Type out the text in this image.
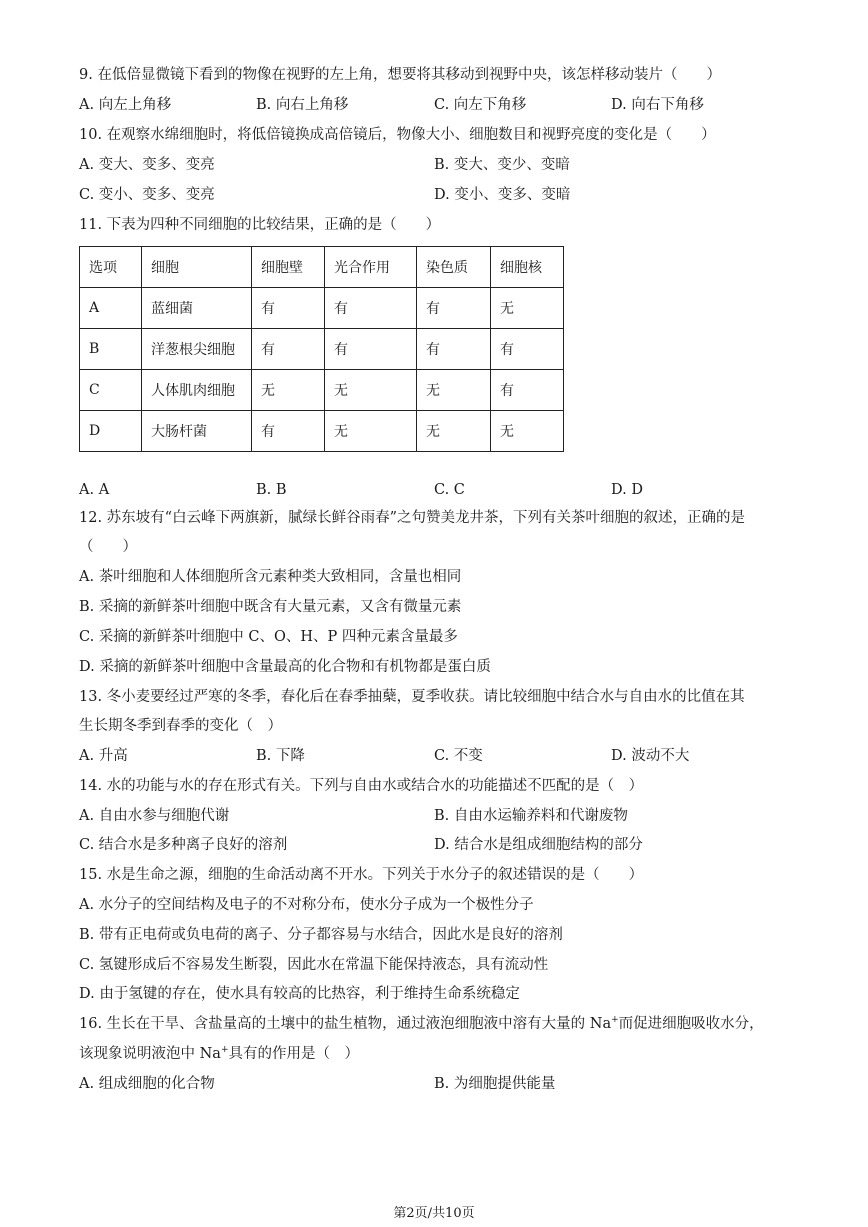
9. 在低倍显微镜下看到的物像在视野的左上角，想要将其移动到视野中央，该怎样移动装片（　　）
A. 向左上角移	B. 向右上角移	C. 向左下角移	D. 向右下角移
10. 在观察水绵细胞时，将低倍镜换成高倍镜后，物像大小、细胞数目和视野亮度的变化是（　　）
A. 变大、变多、变亮	B. 变大、变少、变暗
C. 变小、变多、变亮	D. 变小、变多、变暗
11. 下表为四种不同细胞的比较结果，正确的是（　　）
选项	细胞	细胞壁	光合作用	染色质	细胞核
A	蓝细菌	有	有	有	无
B	洋葱根尖细胞	有	有	有	有
C	人体肌肉细胞	无	无	无	有
D	大肠杆菌	有	无	无	无
A. A	B. B	C. C	D. D
12. 苏东坡有“白云峰下两旗新，腻绿长鲜谷雨春”之句赞美龙井茶，下列有关茶叶细胞的叙述，正确的是
（　　）
A. 茶叶细胞和人体细胞所含元素种类大致相同，含量也相同
B. 采摘的新鲜茶叶细胞中既含有大量元素，又含有微量元素
C. 采摘的新鲜茶叶细胞中 C、O、H、P 四种元素含量最多
D. 采摘的新鲜茶叶细胞中含量最高的化合物和有机物都是蛋白质
13. 冬小麦要经过严寒的冬季，春化后在春季抽蘖，夏季收获。请比较细胞中结合水与自由水的比值在其
生长期冬季到春季的变化（　）
A. 升高	B. 下降	C. 不变	D. 波动不大
14. 水的功能与水的存在形式有关。下列与自由水或结合水的功能描述不匹配的是（　）
A. 自由水参与细胞代谢	B. 自由水运输养料和代谢废物
C. 结合水是多种离子良好的溶剂	D. 结合水是组成细胞结构的部分
15. 水是生命之源，细胞的生命活动离不开水。下列关于水分子的叙述错误的是（　　）
A. 水分子的空间结构及电子的不对称分布，使水分子成为一个极性分子
B. 带有正电荷或负电荷的离子、分子都容易与水结合，因此水是良好的溶剂
C. 氢键形成后不容易发生断裂，因此水在常温下能保持液态，具有流动性
D. 由于氢键的存在，使水具有较高的比热容，利于维持生命系统稳定
16. 生长在干旱、含盐量高的土壤中的盐生植物，通过液泡细胞液中溶有大量的 Na+而促进细胞吸收水分，
该现象说明液泡中 Na+具有的作用是（　）
A. 组成细胞的化合物	B. 为细胞提供能量
第2页/共10页
